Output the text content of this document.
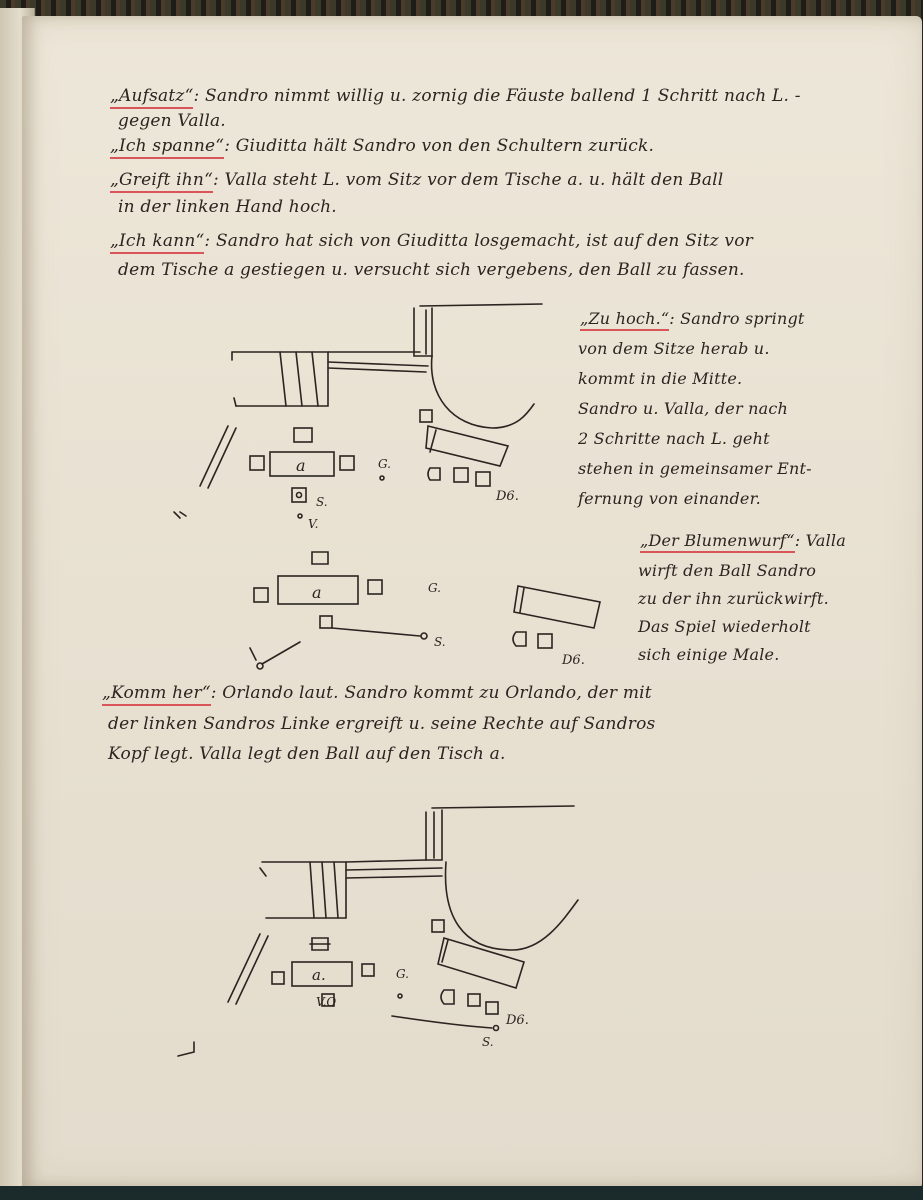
„Aufsatz“: Sandro nimmt willig u. zornig die Fäuste ballend 1 Schritt nach L. -

gegen Valla.

„Ich spanne“: Giuditta hält Sandro von den Schultern zurück.

„Greift ihn“: Valla steht L. vom Sitz vor dem Tische a. u. hält den Ball

in der linken Hand hoch.

„Ich kann“: Sandro hat sich von Giuditta losgemacht, ist auf den Sitz vor

dem Tische a gestiegen u. versucht sich vergebens, den Ball zu fassen.

„Zu hoch.“: Sandro springt

von dem Sitze herab u.

kommt in die Mitte.

Sandro u. Valla, der nach

2 Schritte nach L. geht

stehen in gemeinsamer Ent-

fernung von einander.

„Der Blumenwurf“: Valla

wirft den Ball Sandro

zu der ihn zurückwirft.

Das Spiel wiederholt

sich einige Male.

„Komm her“: Orlando laut. Sandro kommt zu Orlando, der mit

der linken Sandros Linke ergreift u. seine Rechte auf Sandros

Kopf legt. Valla legt den Ball auf den Tisch a.

a
S.
V.
G.
D6.
a	G.
S.
D6.
a.
V.O
G.
S.
D6.
